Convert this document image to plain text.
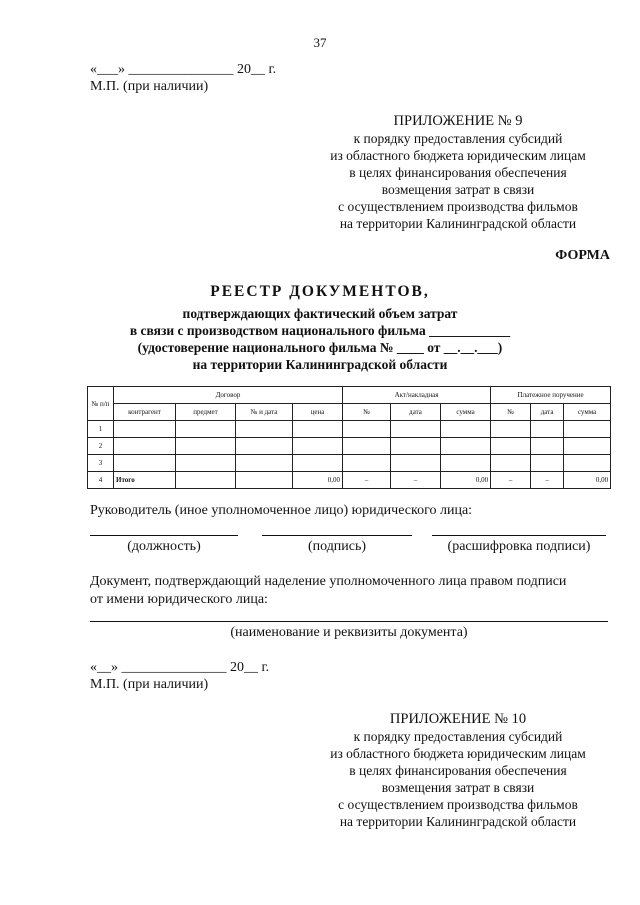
37
«___» _______________ 20__ г.
М.П. (при наличии)
ПРИЛОЖЕНИЕ № 9
к порядку предоставления субсидий
из областного бюджета юридическим лицам
в целях финансирования обеспечения
возмещения затрат в связи
с осуществлением производства фильмов
на территории Калининградской области
ФОРМА
РЕЕСТР ДОКУМЕНТОВ,
подтверждающих фактический объем затрат
в связи с производством национального фильма ____________
(удостоверение национального фильма № ____ от __.__.___)
на территории Калининградской области
№ п/п	Договор				Акт/накладная			Платежное поручение		
	контрагент	предмет	№ и дата	цена	№	дата	сумма	№	дата	сумма
1										
2										
3										
4	Итого			0,00	–	–	0,00	–	–	0,00
Руководитель (иное уполномоченное лицо) юридического лица:
(должность)	(подпись)	(расшифровка подписи)
Документ, подтверждающий наделение уполномоченного лица правом подписи
от имени юридического лица:
(наименование и реквизиты документа)
«__» _______________ 20__ г.
М.П. (при наличии)
ПРИЛОЖЕНИЕ № 10
к порядку предоставления субсидий
из областного бюджета юридическим лицам
в целях финансирования обеспечения
возмещения затрат в связи
с осуществлением производства фильмов
на территории Калининградской области
